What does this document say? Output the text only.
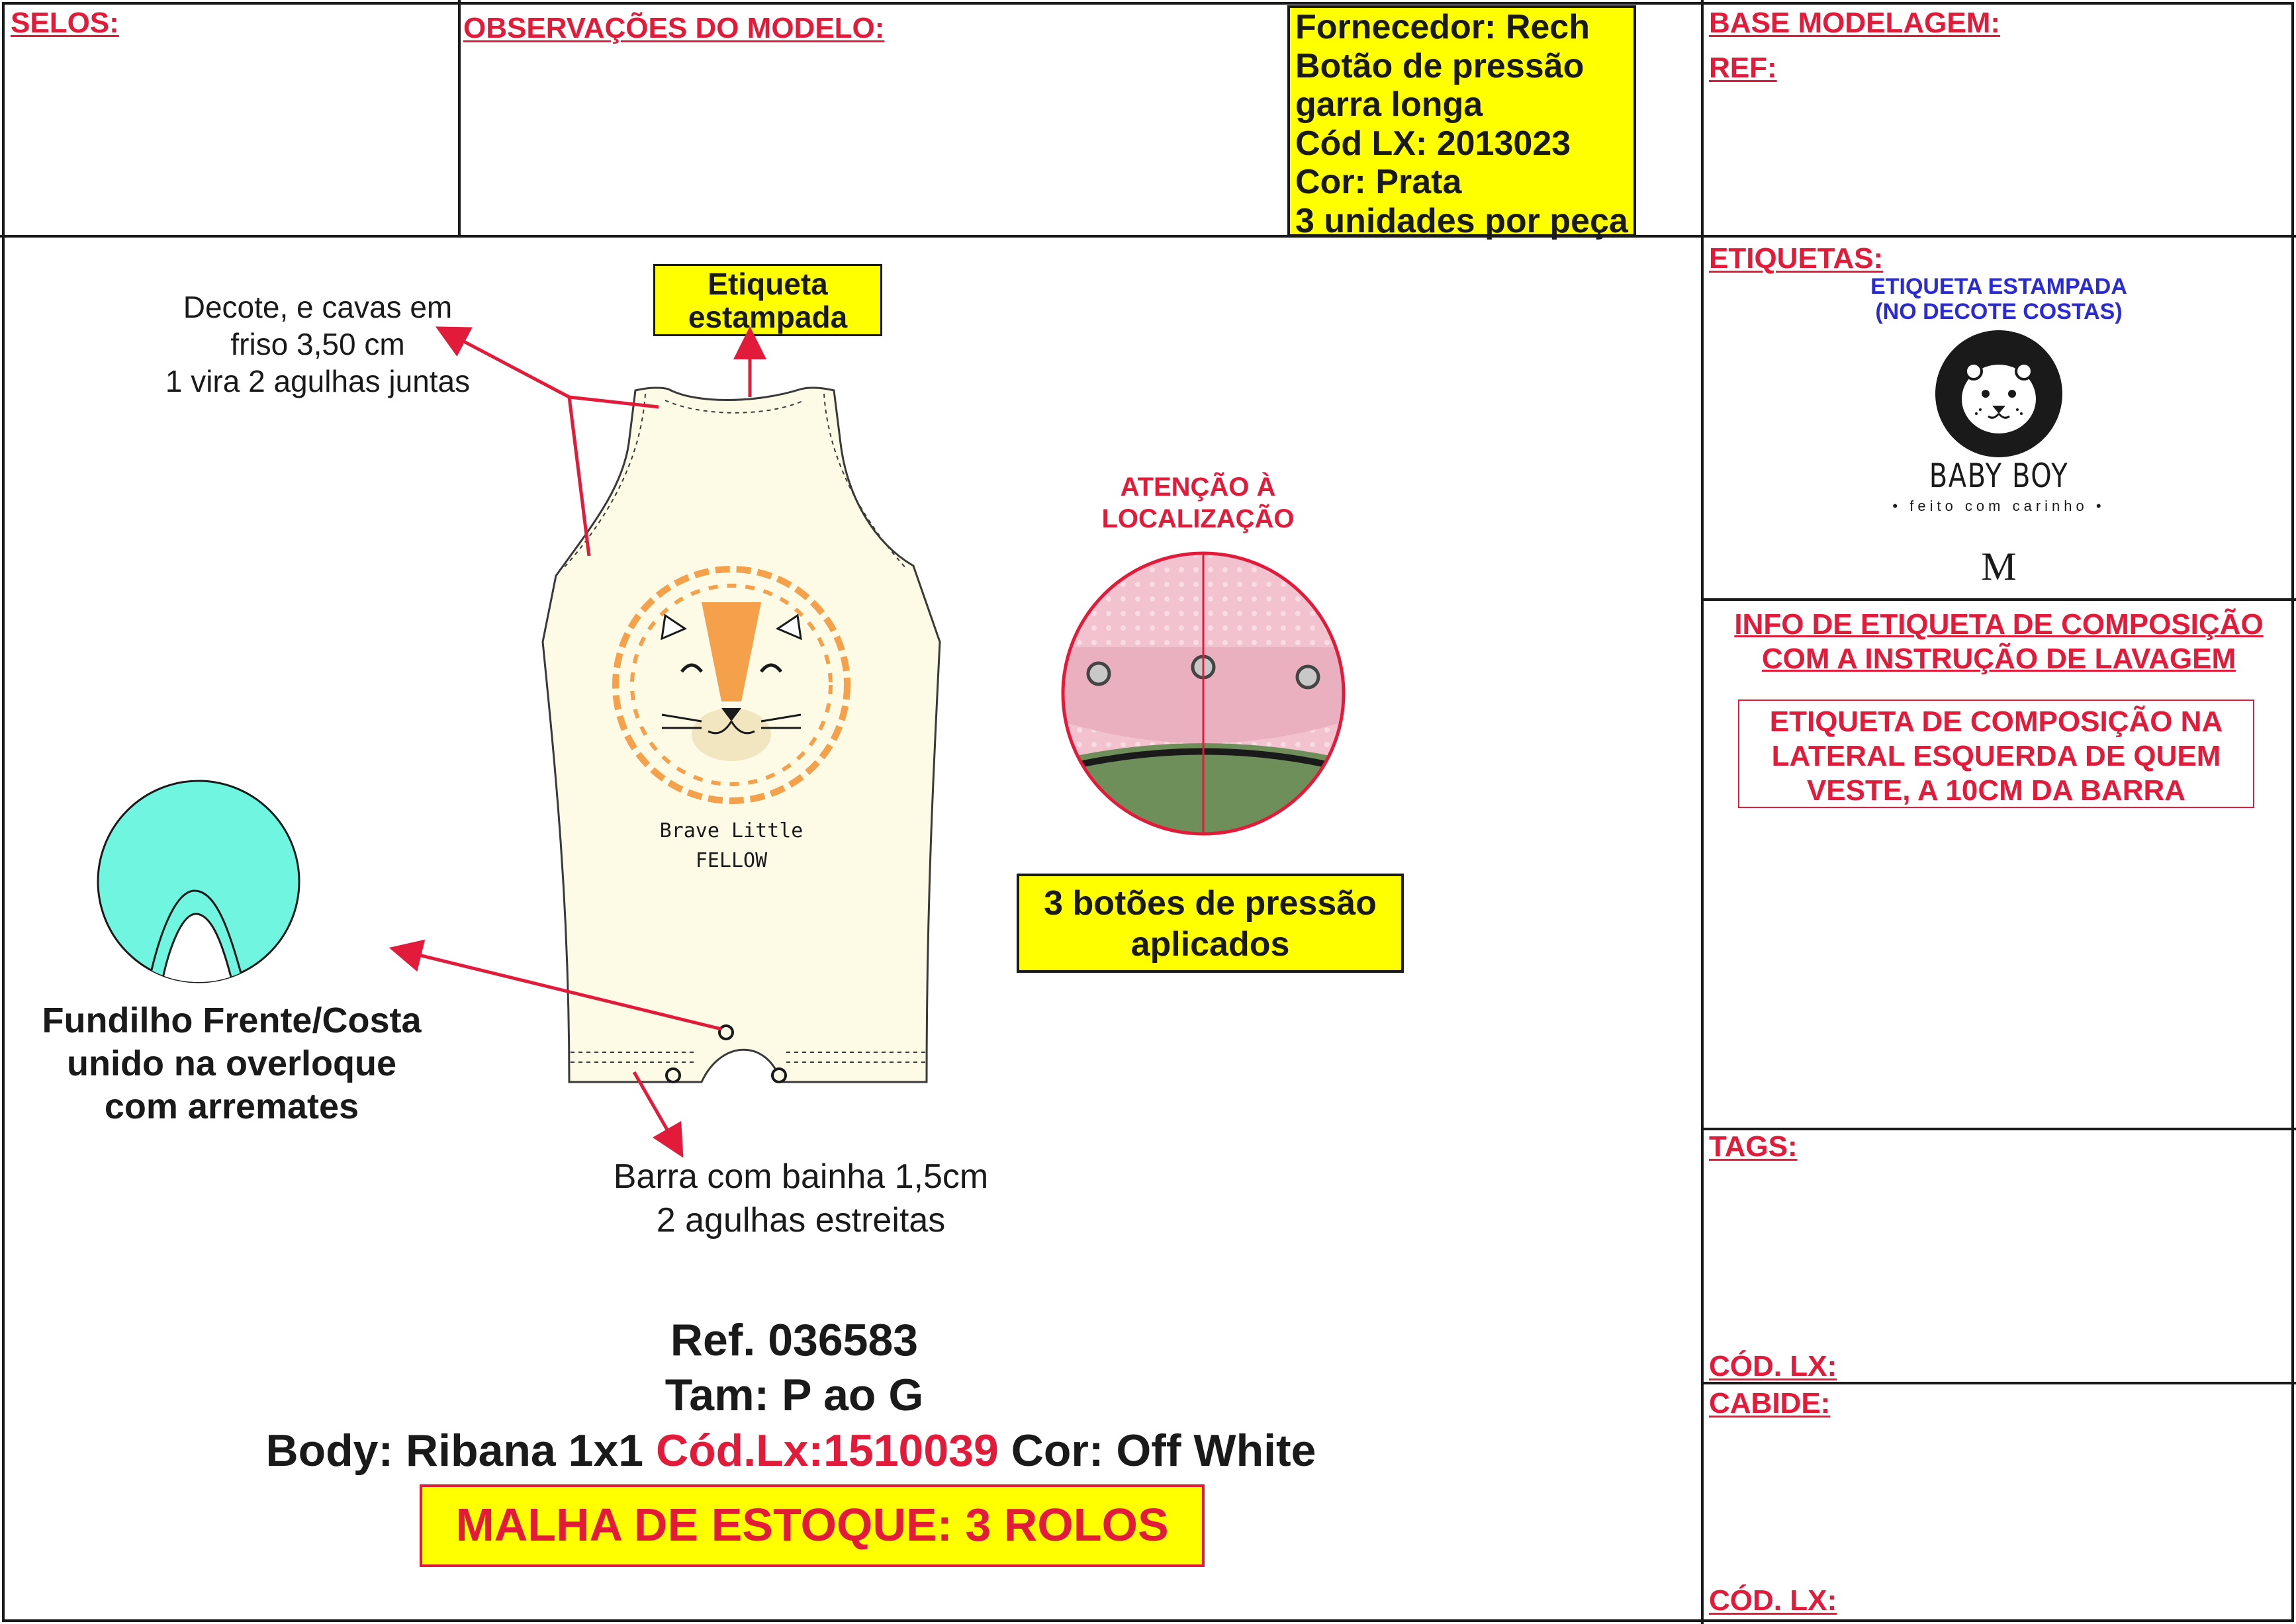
SELOS:	OBSERVAÇÕES DO MODELO:	Fornecedor: Rech
Botão de pressão
garra longa
Cód LX: 2013023
Cor: Prata
3 unidades por peça
BASE MODELAGEM:
REF:
ETIQUETAS:
ETIQUETA ESTAMPADA
(NO DECOTE COSTAS)
BABY BOY
• feito com carinho •
M
INFO DE ETIQUETA DE COMPOSIÇÃO
COM A INSTRUÇÃO DE LAVAGEM
ETIQUETA DE COMPOSIÇÃO NA
LATERAL ESQUERDA DE QUEM
VESTE, A 10CM DA BARRA
TAGS:
CÓD. LX:
CABIDE:
CÓD. LX:
Decote, e cavas em
friso 3,50 cm
1 vira 2 agulhas juntas
Etiqueta
estampada
Brave Little
FELLOW
ATENÇÃO À
LOCALIZAÇÃO
3 botões de pressão
aplicados
Fundilho Frente/Costa
unido na overloque
com arremates
Barra com bainha 1,5cm
2 agulhas estreitas
Ref. 036583
Tam: P ao G
Body: Ribana 1x1 Cód.Lx:1510039 Cor: Off White
MALHA DE ESTOQUE: 3 ROLOS
